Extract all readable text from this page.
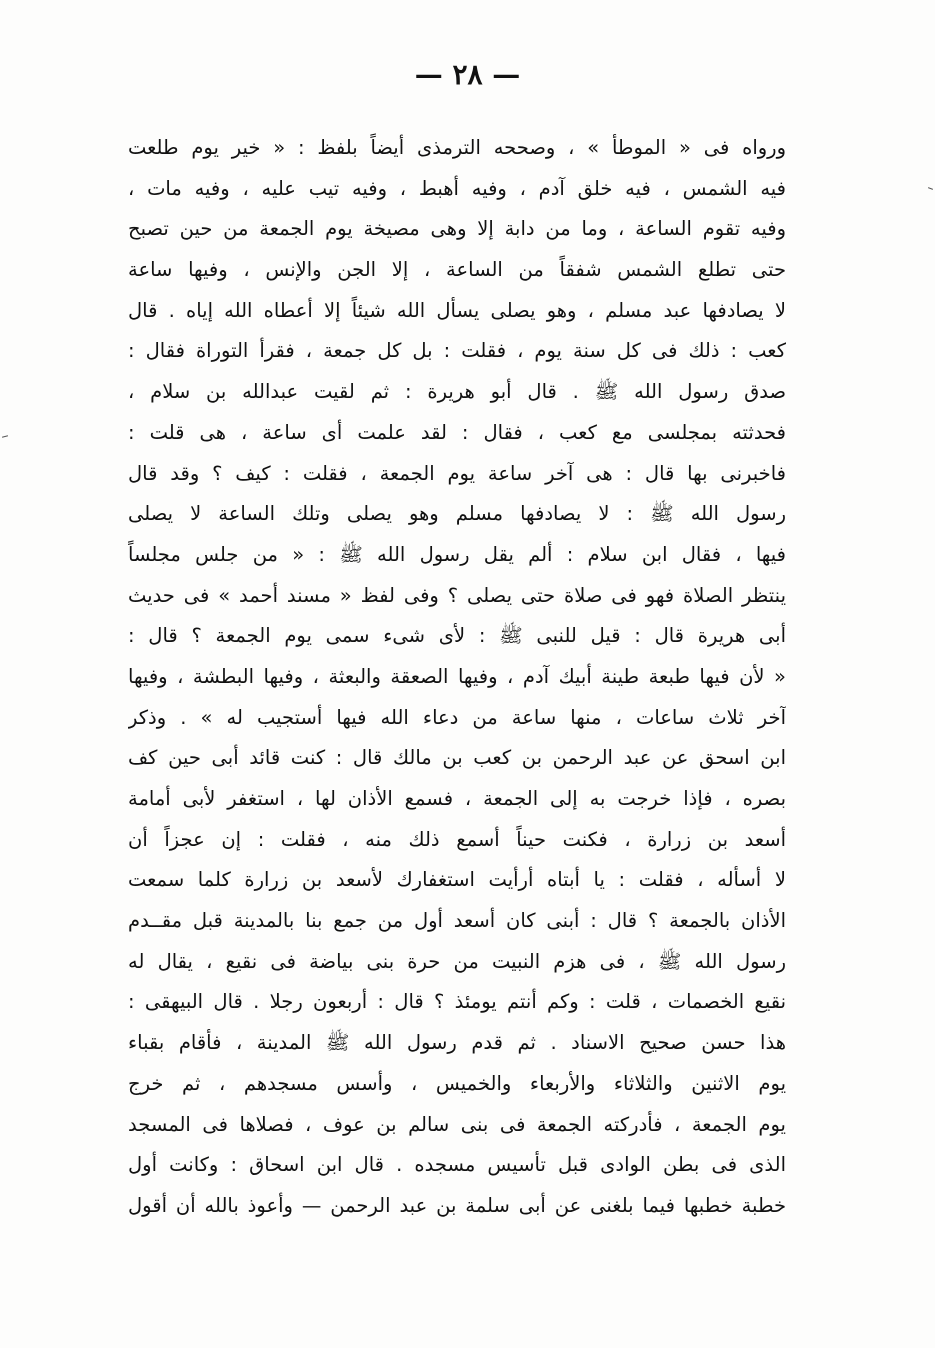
— ٢٨ —
ورواه فى « الموطأ » ، وصححه الترمذى أيضاً بلفظ : « خير يوم طلعت
فيه الشمس ، فيه خلق آدم ، وفيه أهبط ، وفيه تيب عليه ، وفيه مات ،
وفيه تقوم الساعة ، وما من دابة إلا وهى مصيخة يوم الجمعة من حين تصبح
حتى تطلع الشمس شفقاً من الساعة ، إلا الجن والإنس ، وفيها ساعة
لا يصادفها عبد مسلم ، وهو يصلى يسأل الله شيئاً إلا أعطاه الله إياه . قال
كعب : ذلك فى كل سنة يوم ، فقلت : بل كل جمعة ، فقرأ التوراة فقال :
صدق رسول الله ﷺ . قال أبو هريرة : ثم لقيت عبدالله بن سلام ،
فحدثته بمجلسى مع كعب ، فقال : لقد علمت أى ساعة ، هى قلت :
فاخبرنى بها قال : هى آخر ساعة يوم الجمعة ، فقلت : كيف ؟ وقد قال
رسول الله ﷺ : لا يصادفها مسلم وهو يصلى وتلك الساعة لا يصلى
فيها ، فقال ابن سلام : ألم يقل رسول الله ﷺ : « من جلس مجلساً
ينتظر الصلاة فهو فى صلاة حتى يصلى ؟ وفى لفظ « مسند أحمد » فى حديث
أبى هريرة قال : قيل للنبى ﷺ : لأى شىء سمى يوم الجمعة ؟ قال :
« لأن فيها طبعة طينة أبيك آدم ، وفيها الصعقة والبعثة ، وفيها البطشة ، وفيها
آخر ثلاث ساعات ، منها ساعة من دعاء الله فيها أستجيب له » . وذكر
ابن اسحق عن عبد الرحمن بن كعب بن مالك قال : كنت قائد أبى حين كف
بصره ، فإذا خرجت به إلى الجمعة ، فسمع الأذان لها ، استغفر لأبى أمامة
أسعد بن زرارة ، فكنت حيناً أسمع ذلك منه ، فقلت : إن عجزاً أن
لا أسأله ، فقلت : يا أبتاه أرأيت استغفارك لأسعد بن زرارة كلما سمعت
الأذان بالجمعة ؟ قال : أبنى كان أسعد أول من جمع بنا بالمدينة قبل مقــدم
رسول الله ﷺ ، فى هزم النبيت من حرة بنى بياضة فى نقيع ، يقال له
نقيع الخصمات ، قلت : وكم أنتم يومئذ ؟ قال : أربعون رجلا . قال البيهقى :
هذا حسن صحيح الاسناد . ثم قدم رسول الله ﷺ المدينة ، فأقام بقباء
يوم الاثنين والثلاثاء والأربعاء والخميس ، وأسس مسجدهم ، ثم خرج
يوم الجمعة ، فأدركته الجمعة فى بنى سالم بن عوف ، فصلاها فى المسجد
الذى فى بطن الوادى قبل تأسيس مسجده . قال ابن اسحاق : وكانت أول
خطبة خطبها فيما بلغنى عن أبى سلمة بن عبد الرحمن — وأعوذ بالله أن أقول
